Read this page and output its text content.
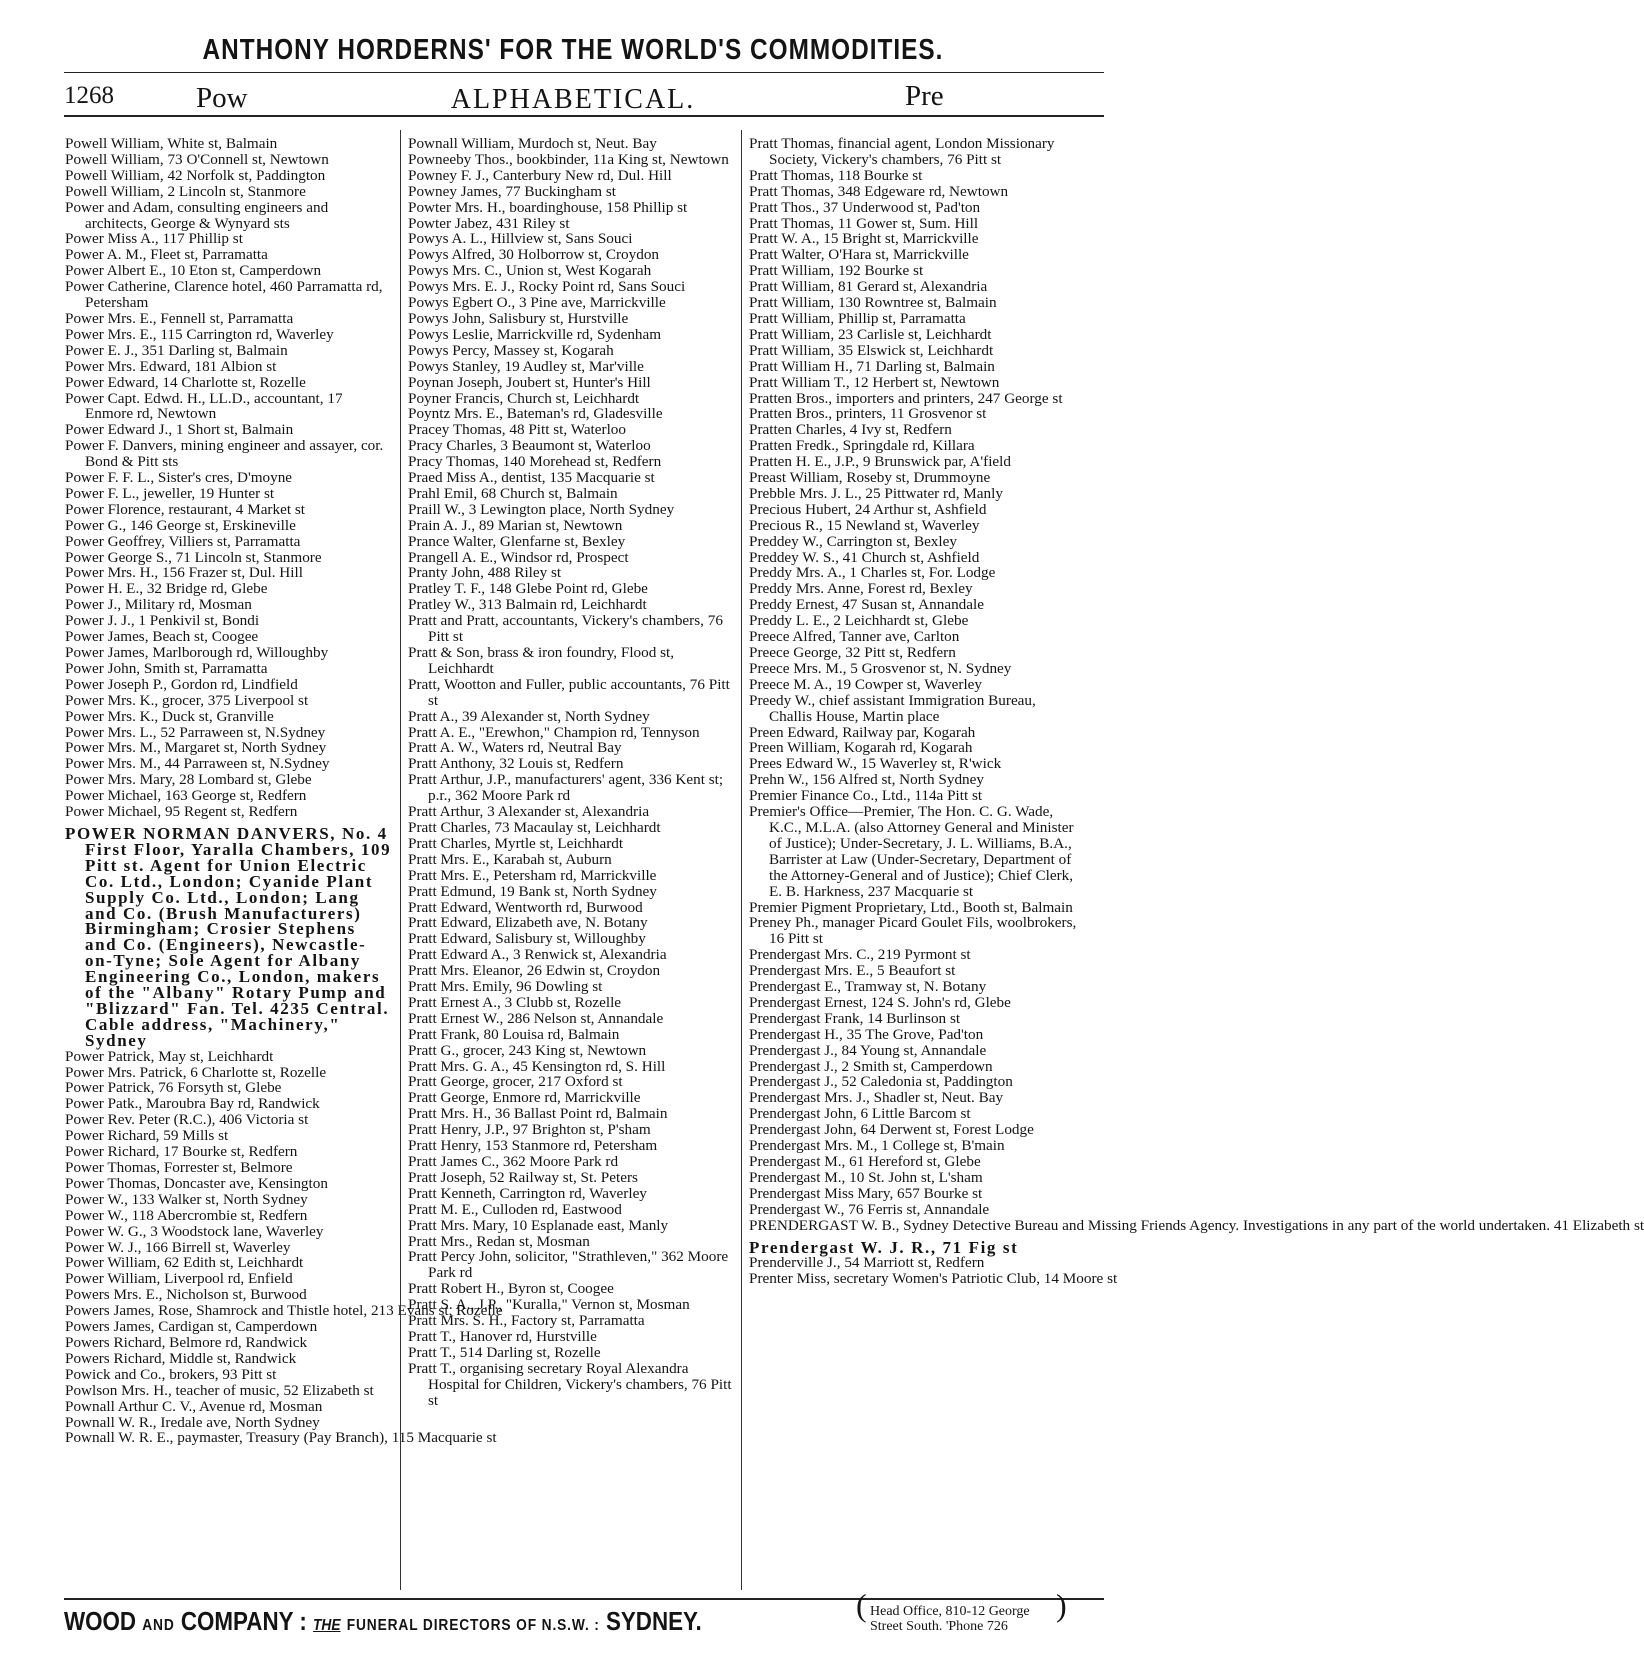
ANTHONY HORDERNS' FOR THE WORLD'S COMMODITIES.
1268	Pow	ALPHABETICAL.	Pre
Powell William, White st, Balmain
Powell William, 73 O'Connell st, Newtown
Powell William, 42 Norfolk st, Paddington
Powell William, 2 Lincoln st, Stanmore
Power and Adam, consulting engineers and architects, George & Wynyard sts
Power Miss A., 117 Phillip st
Power A. M., Fleet st, Parramatta
Power Albert E., 10 Eton st, Camperdown
Power Catherine, Clarence hotel, 460 Parramatta rd, Petersham
Power Mrs. E., Fennell st, Parramatta
Power Mrs. E., 115 Carrington rd, Waverley
Power E. J., 351 Darling st, Balmain
Power Mrs. Edward, 181 Albion st
Power Edward, 14 Charlotte st, Rozelle
Power Capt. Edwd. H., LL.D., accountant, 17 Enmore rd, Newtown
Power Edward J., 1 Short st, Balmain
Power F. Danvers, mining engineer and assayer, cor. Bond & Pitt sts
Power F. F. L., Sister's cres, D'moyne
Power F. L., jeweller, 19 Hunter st
Power Florence, restaurant, 4 Market st
Power G., 146 George st, Erskineville
Power Geoffrey, Villiers st, Parramatta
Power George S., 71 Lincoln st, Stanmore
Power Mrs. H., 156 Frazer st, Dul. Hill
Power H. E., 32 Bridge rd, Glebe
Power J., Military rd, Mosman
Power J. J., 1 Penkivil st, Bondi
Power James, Beach st, Coogee
Power James, Marlborough rd, Willoughby
Power John, Smith st, Parramatta
Power Joseph P., Gordon rd, Lindfield
Power Mrs. K., grocer, 375 Liverpool st
Power Mrs. K., Duck st, Granville
Power Mrs. L., 52 Parraween st, N.Sydney
Power Mrs. M., Margaret st, North Sydney
Power Mrs. M., 44 Parraween st, N.Sydney
Power Mrs. Mary, 28 Lombard st, Glebe
Power Michael, 163 George st, Redfern
Power Michael, 95 Regent st, Redfern
POWER NORMAN DANVERS, No. 4 First Floor, Yaralla Chambers, 109 Pitt st. Agent for Union Electric Co. Ltd., London; Cyanide Plant Supply Co. Ltd., London; Lang and Co. (Brush Manufacturers) Birmingham; Crosier Stephens and Co. (Engineers), Newcastle-on-Tyne; Sole Agent for Albany Engineering Co., London, makers of the "Albany" Rotary Pump and "Blizzard" Fan. Tel. 4235 Central. Cable address, "Machinery," Sydney
Power Patrick, May st, Leichhardt
Power Mrs. Patrick, 6 Charlotte st, Rozelle
Power Patrick, 76 Forsyth st, Glebe
Power Patk., Maroubra Bay rd, Randwick
Power Rev. Peter (R.C.), 406 Victoria st
Power Richard, 59 Mills st
Power Richard, 17 Bourke st, Redfern
Power Thomas, Forrester st, Belmore
Power Thomas, Doncaster ave, Kensington
Power W., 133 Walker st, North Sydney
Power W., 118 Abercrombie st, Redfern
Power W. G., 3 Woodstock lane, Waverley
Power W. J., 166 Birrell st, Waverley
Power William, 62 Edith st, Leichhardt
Power William, Liverpool rd, Enfield
Powers Mrs. E., Nicholson st, Burwood
Powers James, Rose, Shamrock and Thistle hotel, 213 Evans st, Rozelle
Powers James, Cardigan st, Camperdown
Powers Richard, Belmore rd, Randwick
Powers Richard, Middle st, Randwick
Powick and Co., brokers, 93 Pitt st
Powlson Mrs. H., teacher of music, 52 Elizabeth st
Pownall Arthur C. V., Avenue rd, Mosman
Pownall W. R., Iredale ave, North Sydney
Pownall W. R. E., paymaster, Treasury (Pay Branch), 115 Macquarie st
Pownall William, Murdoch st, Neut. Bay
Powneeby Thos., bookbinder, 11a King st, Newtown
Powney F. J., Canterbury New rd, Dul. Hill
Powney James, 77 Buckingham st
Powter Mrs. H., boardinghouse, 158 Phillip st
Powter Jabez, 431 Riley st
Powys A. L., Hillview st, Sans Souci
Powys Alfred, 30 Holborrow st, Croydon
Powys Mrs. C., Union st, West Kogarah
Powys Mrs. E. J., Rocky Point rd, Sans Souci
Powys Egbert O., 3 Pine ave, Marrickville
Powys John, Salisbury st, Hurstville
Powys Leslie, Marrickville rd, Sydenham
Powys Percy, Massey st, Kogarah
Powys Stanley, 19 Audley st, Mar'ville
Poynan Joseph, Joubert st, Hunter's Hill
Poyner Francis, Church st, Leichhardt
Poyntz Mrs. E., Bateman's rd, Gladesville
Pracey Thomas, 48 Pitt st, Waterloo
Pracy Charles, 3 Beaumont st, Waterloo
Pracy Thomas, 140 Morehead st, Redfern
Praed Miss A., dentist, 135 Macquarie st
Prahl Emil, 68 Church st, Balmain
Praill W., 3 Lewington place, North Sydney
Prain A. J., 89 Marian st, Newtown
Prance Walter, Glenfarne st, Bexley
Prangell A. E., Windsor rd, Prospect
Pranty John, 488 Riley st
Pratley T. F., 148 Glebe Point rd, Glebe
Pratley W., 313 Balmain rd, Leichhardt
Pratt and Pratt, accountants, Vickery's chambers, 76 Pitt st
Pratt & Son, brass & iron foundry, Flood st, Leichhardt
Pratt, Wootton and Fuller, public accountants, 76 Pitt st
Pratt A., 39 Alexander st, North Sydney
Pratt A. E., "Erewhon," Champion rd, Tennyson
Pratt A. W., Waters rd, Neutral Bay
Pratt Anthony, 32 Louis st, Redfern
Pratt Arthur, J.P., manufacturers' agent, 336 Kent st; p.r., 362 Moore Park rd
Pratt Arthur, 3 Alexander st, Alexandria
Pratt Charles, 73 Macaulay st, Leichhardt
Pratt Charles, Myrtle st, Leichhardt
Pratt Mrs. E., Karabah st, Auburn
Pratt Mrs. E., Petersham rd, Marrickville
Pratt Edmund, 19 Bank st, North Sydney
Pratt Edward, Wentworth rd, Burwood
Pratt Edward, Elizabeth ave, N. Botany
Pratt Edward, Salisbury st, Willoughby
Pratt Edward A., 3 Renwick st, Alexandria
Pratt Mrs. Eleanor, 26 Edwin st, Croydon
Pratt Mrs. Emily, 96 Dowling st
Pratt Ernest A., 3 Clubb st, Rozelle
Pratt Ernest W., 286 Nelson st, Annandale
Pratt Frank, 80 Louisa rd, Balmain
Pratt G., grocer, 243 King st, Newtown
Pratt Mrs. G. A., 45 Kensington rd, S. Hill
Pratt George, grocer, 217 Oxford st
Pratt George, Enmore rd, Marrickville
Pratt Mrs. H., 36 Ballast Point rd, Balmain
Pratt Henry, J.P., 97 Brighton st, P'sham
Pratt Henry, 153 Stanmore rd, Petersham
Pratt James C., 362 Moore Park rd
Pratt Joseph, 52 Railway st, St. Peters
Pratt Kenneth, Carrington rd, Waverley
Pratt M. E., Culloden rd, Eastwood
Pratt Mrs. Mary, 10 Esplanade east, Manly
Pratt Mrs., Redan st, Mosman
Pratt Percy John, solicitor, "Strathleven," 362 Moore Park rd
Pratt Robert H., Byron st, Coogee
Pratt S. A., J.P., "Kuralla," Vernon st, Mosman
Pratt Mrs. S. H., Factory st, Parramatta
Pratt T., Hanover rd, Hurstville
Pratt T., 514 Darling st, Rozelle
Pratt T., organising secretary Royal Alexandra Hospital for Children, Vickery's chambers, 76 Pitt st
Pratt Thomas, financial agent, London Missionary Society, Vickery's chambers, 76 Pitt st
Pratt Thomas, 118 Bourke st
Pratt Thomas, 348 Edgeware rd, Newtown
Pratt Thos., 37 Underwood st, Pad'ton
Pratt Thomas, 11 Gower st, Sum. Hill
Pratt W. A., 15 Bright st, Marrickville
Pratt Walter, O'Hara st, Marrickville
Pratt William, 192 Bourke st
Pratt William, 81 Gerard st, Alexandria
Pratt William, 130 Rowntree st, Balmain
Pratt William, Phillip st, Parramatta
Pratt William, 23 Carlisle st, Leichhardt
Pratt William, 35 Elswick st, Leichhardt
Pratt William H., 71 Darling st, Balmain
Pratt William T., 12 Herbert st, Newtown
Pratten Bros., importers and printers, 247 George st
Pratten Bros., printers, 11 Grosvenor st
Pratten Charles, 4 Ivy st, Redfern
Pratten Fredk., Springdale rd, Killara
Pratten H. E., J.P., 9 Brunswick par, A'field
Preast William, Roseby st, Drummoyne
Prebble Mrs. J. L., 25 Pittwater rd, Manly
Precious Hubert, 24 Arthur st, Ashfield
Precious R., 15 Newland st, Waverley
Preddey W., Carrington st, Bexley
Preddey W. S., 41 Church st, Ashfield
Preddy Mrs. A., 1 Charles st, For. Lodge
Preddy Mrs. Anne, Forest rd, Bexley
Preddy Ernest, 47 Susan st, Annandale
Preddy L. E., 2 Leichhardt st, Glebe
Preece Alfred, Tanner ave, Carlton
Preece George, 32 Pitt st, Redfern
Preece Mrs. M., 5 Grosvenor st, N. Sydney
Preece M. A., 19 Cowper st, Waverley
Preedy W., chief assistant Immigration Bureau, Challis House, Martin place
Preen Edward, Railway par, Kogarah
Preen William, Kogarah rd, Kogarah
Prees Edward W., 15 Waverley st, R'wick
Prehn W., 156 Alfred st, North Sydney
Premier Finance Co., Ltd., 114a Pitt st
Premier's Office—Premier, The Hon. C. G. Wade, K.C., M.L.A. (also Attorney General and Minister of Justice); Under-Secretary, J. L. Williams, B.A., Barrister at Law (Under-Secretary, Department of the Attorney-General and of Justice); Chief Clerk, E. B. Harkness, 237 Macquarie st
Premier Pigment Proprietary, Ltd., Booth st, Balmain
Preney Ph., manager Picard Goulet Fils, woolbrokers, 16 Pitt st
Prendergast Mrs. C., 219 Pyrmont st
Prendergast Mrs. E., 5 Beaufort st
Prendergast E., Tramway st, N. Botany
Prendergast Ernest, 124 S. John's rd, Glebe
Prendergast Frank, 14 Burlinson st
Prendergast H., 35 The Grove, Pad'ton
Prendergast J., 84 Young st, Annandale
Prendergast J., 2 Smith st, Camperdown
Prendergast J., 52 Caledonia st, Paddington
Prendergast Mrs. J., Shadler st, Neut. Bay
Prendergast John, 6 Little Barcom st
Prendergast John, 64 Derwent st, Forest Lodge
Prendergast Mrs. M., 1 College st, B'main
Prendergast M., 61 Hereford st, Glebe
Prendergast M., 10 St. John st, L'sham
Prendergast Miss Mary, 657 Bourke st
Prendergast W., 76 Ferris st, Annandale
PRENDERGAST W. B., Sydney Detective Bureau and Missing Friends Agency. Investigations in any part of the world undertaken. 41 Elizabeth st
Prendergast W. J. R., 71 Fig st
Prenderville J., 54 Marriott st, Redfern
Prenter Miss, secretary Women's Patriotic Club, 14 Moore st
WOOD AND COMPANY : THE FUNERAL DIRECTORS OF N.S.W. : SYDNEY.	( Head Office, 810-12 George
Street South. 'Phone 726
)
